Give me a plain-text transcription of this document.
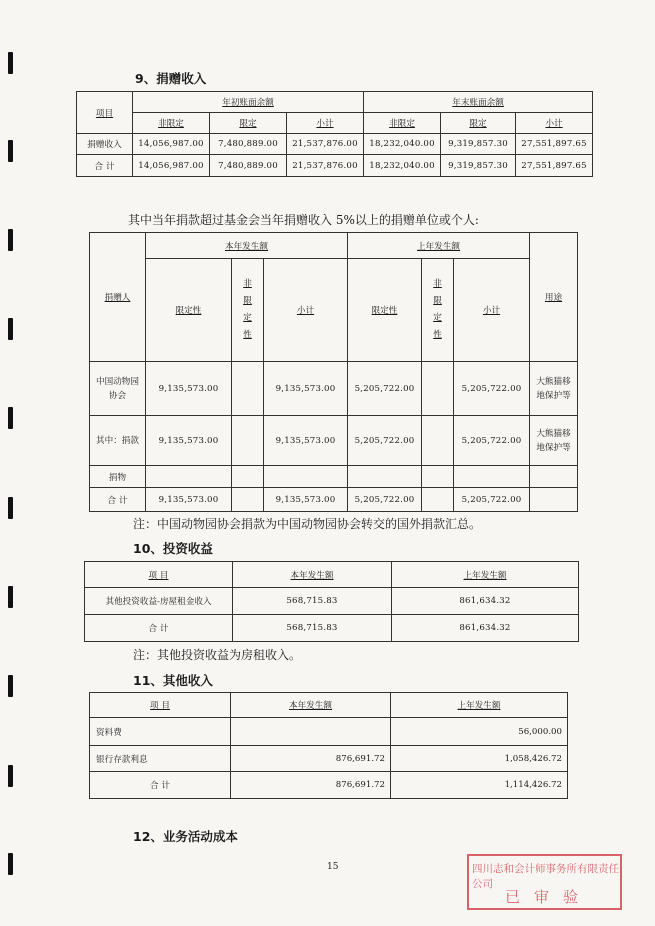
9、捐赠收入
项目	年初账面余额			年末账面余额		
	非限定	限定	小计	非限定	限定	小计
捐赠收入	14,056,987.00	7,480,889.00	21,537,876.00	18,232,040.00	9,319,857.30	27,551,897.65
合 计	14,056,987.00	7,480,889.00	21,537,876.00	18,232,040.00	9,319,857.30	27,551,897.65
其中当年捐款超过基金会当年捐赠收入 5%以上的捐赠单位或个人:
捐赠人	本年发生额			上年发生额			用途
	限定性	非限定性	小计	限定性	非限定性	小计	
中国动物园协会	9,135,573.00		9,135,573.00	5,205,722.00		5,205,722.00	大熊猫移地保护等
其中：捐款	9,135,573.00		9,135,573.00	5,205,722.00		5,205,722.00	大熊猫移地保护等
捐物							
合 计	9,135,573.00		9,135,573.00	5,205,722.00		5,205,722.00	
注：中国动物园协会捐款为中国动物园协会转交的国外捐款汇总。
10、投资收益
项 目	本年发生额	上年发生额
其他投资收益-房屋租金收入	568,715.83	861,634.32
合 计	568,715.83	861,634.32
注：其他投资收益为房租收入。
11、其他收入
项 目	本年发生额	上年发生额
资料费		56,000.00
银行存款利息	876,691.72	1,058,426.72
合 计	876,691.72	1,114,426.72
12、业务活动成本
15	四川志和会计师事务所有限责任公司
已审验
